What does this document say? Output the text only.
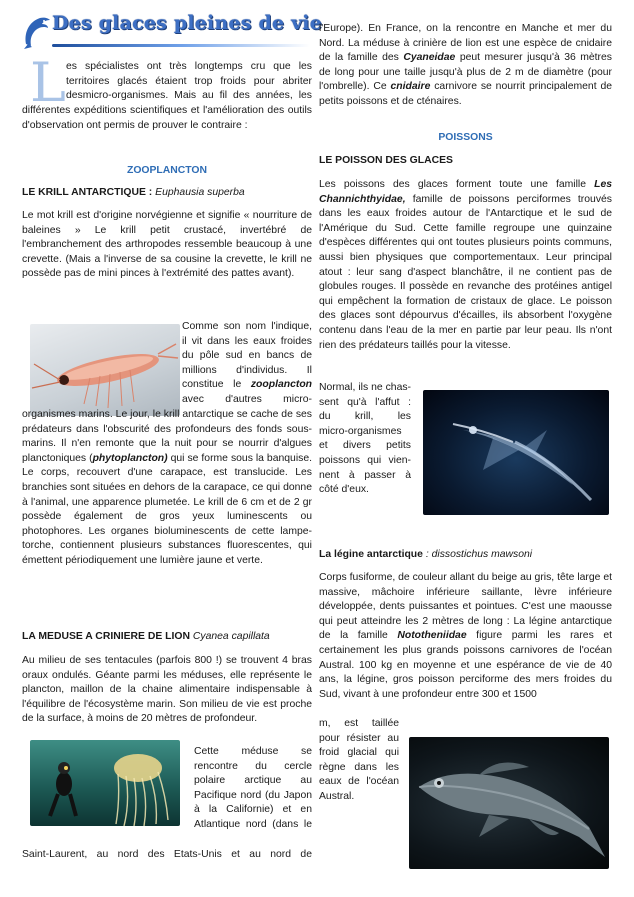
Des glaces pleines de vie
L es spécialistes ont très longtemps cru que les

territoires glacés étaient trop froids pour abriter

desmicro-organismes. Mais au fil des années, les

différentes expéditions scientifiques et l'amélioration des outils d'observation ont permis de prouver le contraire :

ZOOPLANCTON
LE KRILL ANTARCTIQUE : Euphausia superba

Le mot krill est d'origine norvégienne et signifie « nourriture de baleines » Le krill petit crustacé, invertébré de l'embranchement des arthropodes ressemble beaucoup à une crevette. (Mais a l'inverse de sa cousine la crevette, le krill ne possède pas de mini pinces à l'extrémité des pattes avant).

Comme son nom l'indique,

il vit dans les eaux froides

du pôle sud en bancs de

millions d'individus. Il

constitue le zooplancton

avec d'autres micro-

organismes marins. Le jour, le krill antarctique se cache de ses prédateurs dans l'obscurité des profondeurs des fonds sous-marins. Il n'en remonte que la nuit pour se nourrir d'algues planctoniques (phytoplancton) qui se forme sous la banquise. Le corps, recouvert d'une carapace, est translucide. Les branchies sont situées en dehors de la carapace, ce qui donne à l'animal, une apparence plumetée. Le krill de 6 cm et de 2 gr possède également de gros yeux luminescents ou photophores. Les organes bioluminescents de cette lampe-torche, contiennent plusieurs substances fluorescentes, qui émettent périodiquement une lumière jaune et verte.

LA MEDUSE A CRINIERE DE LION Cyanea capillata

Au milieu de ses tentacules (parfois 800 !) se trouvent 4 bras oraux ondulés. Géante parmi les méduses, elle représente le plancton, maillon de la chaine alimentaire indispensable à l'équilibre de l'écosystème marin. Son milieu de vie est proche de la surface, à moins de 20 mètres de profondeur.

Cette méduse se

rencontre du cercle

polaire arctique au

Pacifique nord (du Japon

à la Californie) et en

Atlantique nord (dans le

Saint-Laurent, au nord des Etats-Unis et au nord de

l'Europe). En France, on la rencontre en Manche et mer du Nord. La méduse à crinière de lion est une espèce de cnidaire de la famille des Cyaneidae peut mesurer jusqu'à 36 mètres de long pour une taille jusqu'à plus de 2 m de diamètre (pour l'ombrelle). Ce cnidaire carnivore se nourrit principalement de petits poissons et de cténaires.

POISSONS
LE POISSON DES GLACES

Les poissons des glaces forment toute une famille Les Channichthyidae, famille de poissons perciformes trouvés dans les eaux froides autour de l'Antarctique et le sud de l'Amérique du Sud. Cette famille regroupe une quinzaine d'espèces différentes qui ont toutes plusieurs points communs, aussi bien physiques que comportementaux. Leur principal atout : leur sang d'aspect blanchâtre, il ne contient pas de globules rouges. Il possède en revanche des protéines antigel qui empêchent la formation de cristaux de glace. Le poisson des glaces sont dépourvus d'écailles, ils absorbent l'oxygène contenu dans l'eau de la mer en partie par leur peau. Ils n'ont rien des prédateurs taillés pour la vitesse.

Normal, ils ne chas-

sent qu'à l'affut :

du krill, les

micro-organismes

et divers petits

poissons qui vien-

nent à passer à

côté d'eux.

La légine antarctique : dissostichus mawsoni

Corps fusiforme, de couleur allant du beige au gris, tête large et massive, mâchoire inférieure saillante, lèvre inférieure développée, dents puissantes et pointues. C'est une maousse qui peut atteindre les 2 mètres de long : La légine antarctique de la famille Nototheniidae figure parmi les rares et certainement les plus grands poissons carnivores de l'océan Austral. 100 kg en moyenne et une espérance de vie de 40 ans, la légine, gros poisson perciforme des mers froides du Sud, vivant à une profondeur entre 300 et 1500

m, est taillée

pour résister au

froid glacial qui

règne dans les

eaux de l'océan

Austral.
